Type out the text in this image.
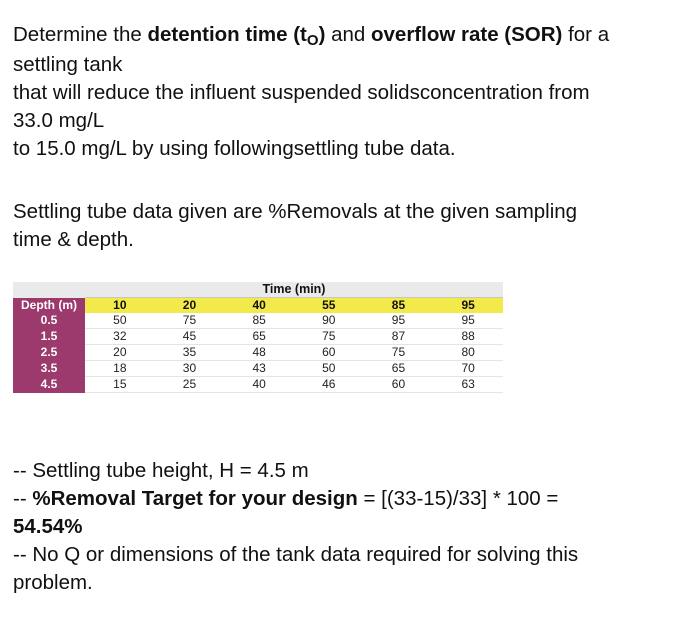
Determine the detention time (tO) and overflow rate (SOR) for a
settling tank
that will reduce the influent suspended solidsconcentration from
33.0 mg/L
to 15.0 mg/L by using followingsettling tube data.
Settling tube data given are %Removals at the given sampling
time & depth.
	Time (min)					
Depth (m)	10	20	40	55	85	95
0.5	50	75	85	90	95	95
1.5	32	45	65	75	87	88
2.5	20	35	48	60	75	80
3.5	18	30	43	50	65	70
4.5	15	25	40	46	60	63
-- Settling tube height, H = 4.5 m
-- %Removal Target for your design = [(33-15)/33] * 100 =
54.54%
-- No Q or dimensions of the tank data required for solving this
problem.
